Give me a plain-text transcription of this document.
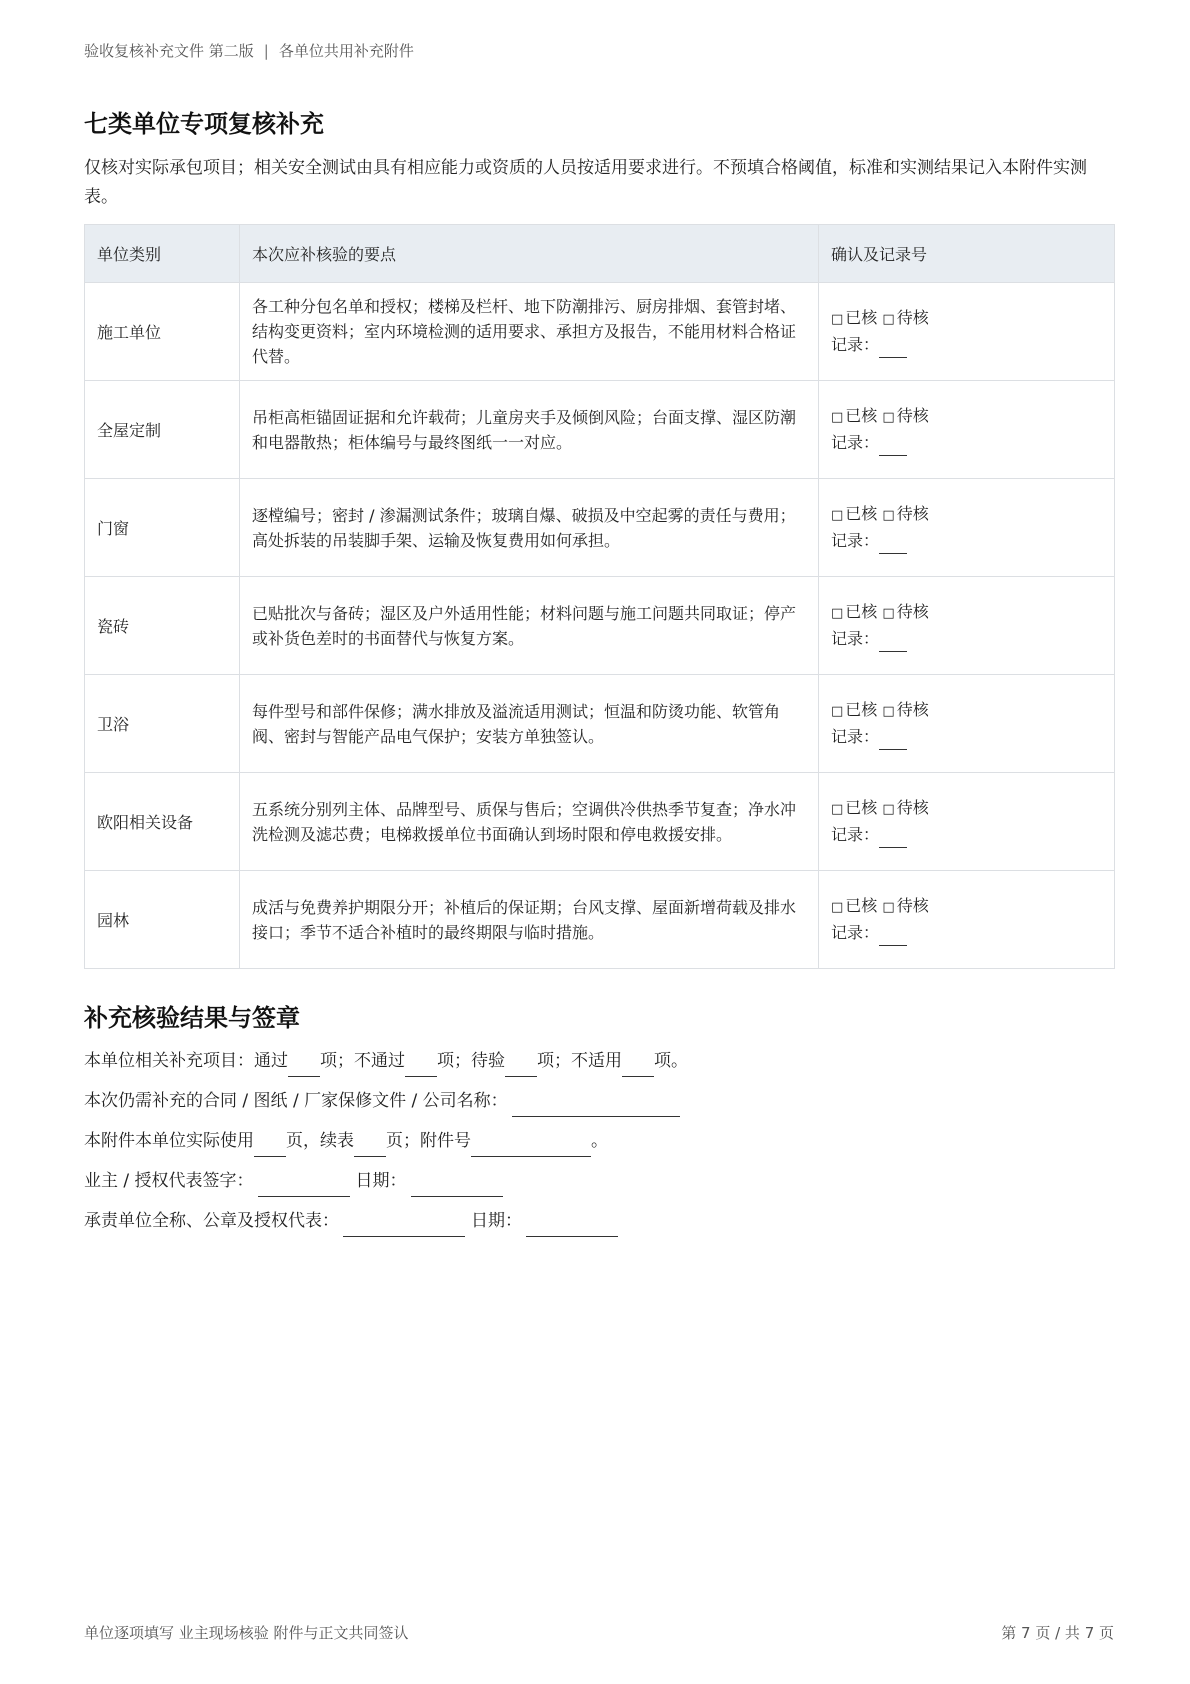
验收复核补充文件 第二版 | 各单位共用补充附件
七类单位专项复核补充

仅核对实际承包项目；相关安全测试由具有相应能力或资质的人员按适用要求进行。不预填合格阈值，标准和实测结果记入本附件实测表。

单位类别	本次应补核验的要点	确认及记录号
施工单位	各工种分包名单和授权；楼梯及栏杆、地下防潮排污、厨房排烟、套管封堵、结构变更资料；室内环境检测的适用要求、承担方及报告，不能用材料合格证代替。	□ 已核 □ 待核
记录：

全屋定制	吊柜高柜锚固证据和允许载荷；儿童房夹手及倾倒风险；台面支撑、湿区防潮和电器散热；柜体编号与最终图纸一一对应。	□ 已核 □ 待核
记录：

门窗	逐樘编号；密封 / 渗漏测试条件；玻璃自爆、破损及中空起雾的责任与费用；高处拆装的吊装脚手架、运输及恢复费用如何承担。	□ 已核 □ 待核
记录：

瓷砖	已贴批次与备砖；湿区及户外适用性能；材料问题与施工问题共同取证；停产或补货色差时的书面替代与恢复方案。	□ 已核 □ 待核
记录：

卫浴	每件型号和部件保修；满水排放及溢流适用测试；恒温和防烫功能、软管角阀、密封与智能产品电气保护；安装方单独签认。	□ 已核 □ 待核
记录：

欧阳相关设备	五系统分别列主体、品牌型号、质保与售后；空调供冷供热季节复查；净水冲洗检测及滤芯费；电梯救援单位书面确认到场时限和停电救援安排。	□ 已核 □ 待核
记录：

园林	成活与免费养护期限分开；补植后的保证期；台风支撑、屋面新增荷载及排水接口；季节不适合补植时的最终期限与临时措施。	□ 已核 □ 待核
记录：
补充核验结果与签章
本单位相关补充项目：通过 项；不通过 项；待验 项；不适用 项。
本次仍需补充的合同 / 图纸 / 厂家保修文件 / 公司名称：
本附件本单位实际使用 页，续表 页；附件号	。
业主 / 授权代表签字：	日期：
承责单位全称、公章及授权代表：	日期：
单位逐项填写 业主现场核验 附件与正文共同签认	第 7 页 / 共 7 页
